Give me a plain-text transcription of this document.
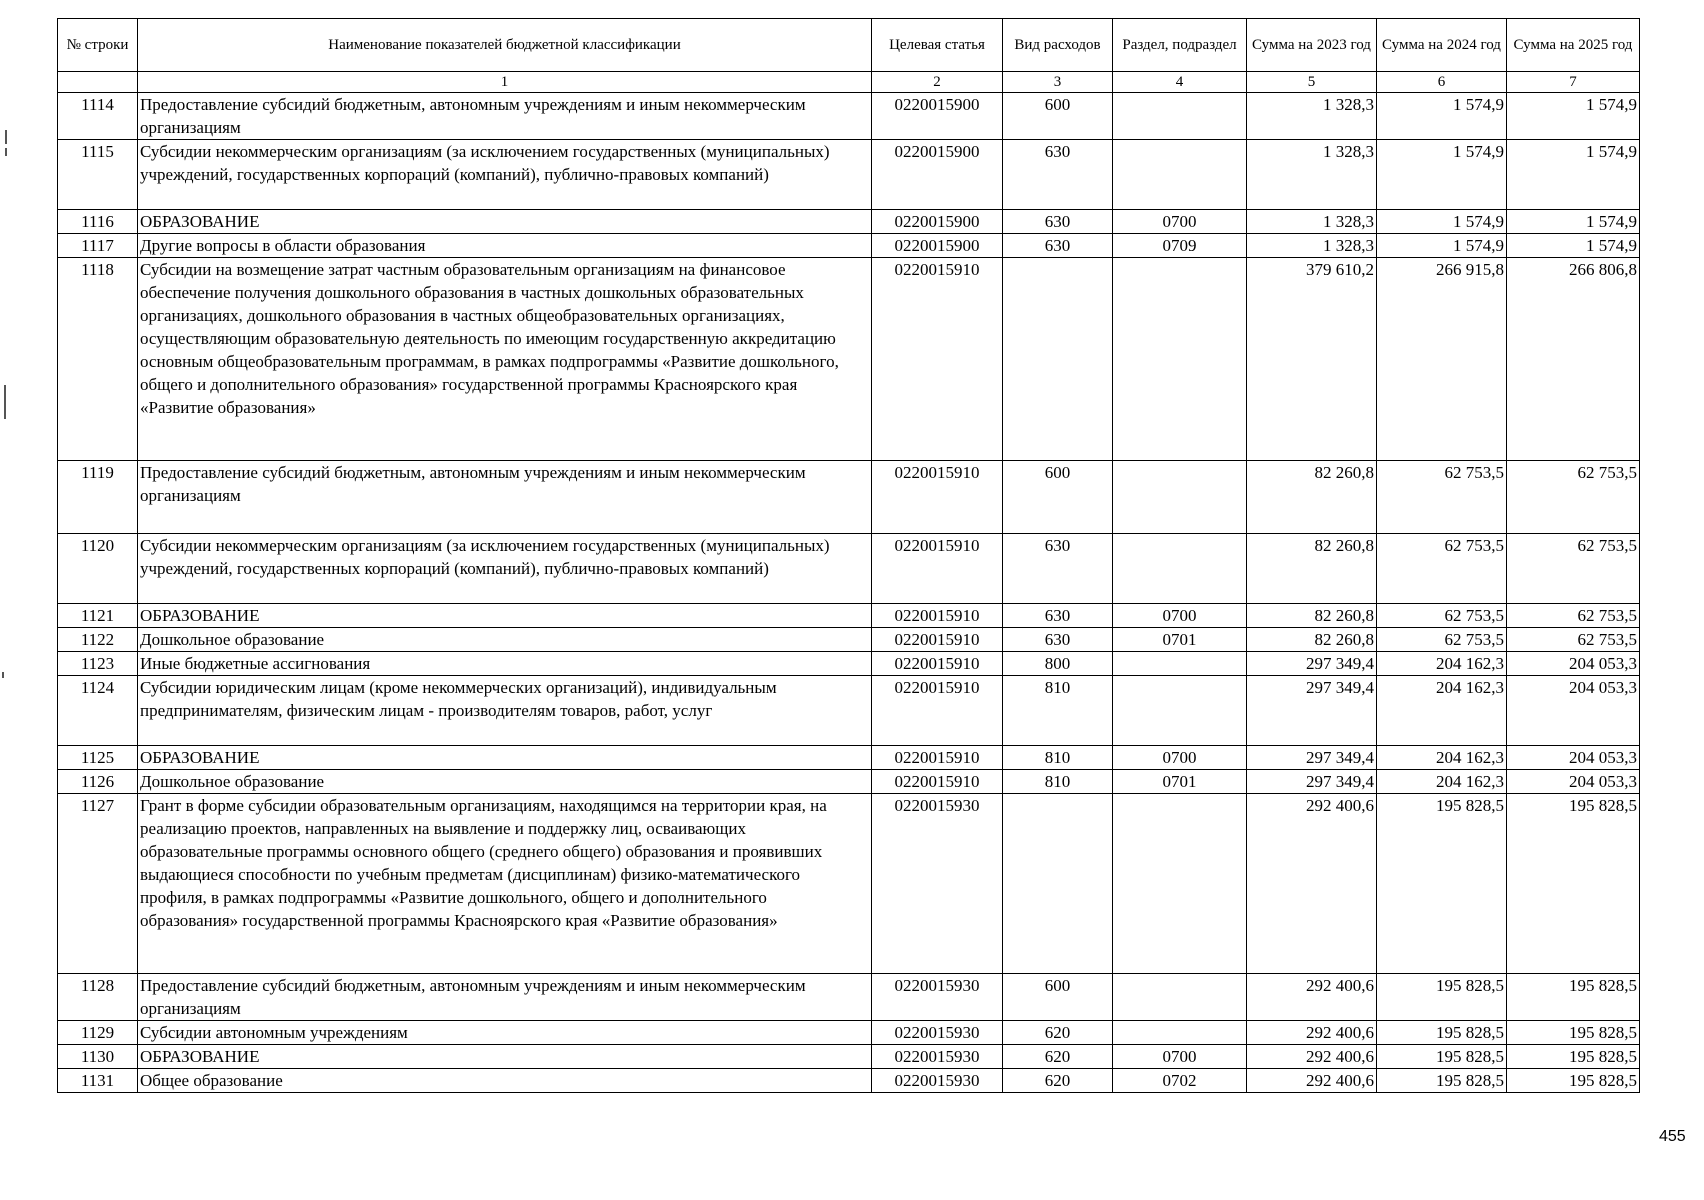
№ строки	Наименование показателей бюджетной классификации	Целевая статья	Вид расходов	Раздел, подраздел	Сумма на 2023 год	Сумма на 2024 год	Сумма на 2025 год
	1	2	3	4	5	6	7
1114	Предоставление субсидий бюджетным, автономным учреждениям и иным некоммерческим организациям	0220015900	600		1 328,3	1 574,9	1 574,9
1115	Субсидии некоммерческим организациям (за исключением государственных (муниципальных) учреждений, государственных корпораций (компаний), публично-правовых компаний)	0220015900	630		1 328,3	1 574,9	1 574,9
1116	ОБРАЗОВАНИЕ	0220015900	630	0700	1 328,3	1 574,9	1 574,9
1117	Другие вопросы в области образования	0220015900	630	0709	1 328,3	1 574,9	1 574,9
1118	Субсидии на возмещение затрат частным образовательным организациям на финансовое обеспечение получения дошкольного образования в частных дошкольных образовательных организациях, дошкольного образования в частных общеобразовательных организациях, осуществляющим образовательную деятельность по имеющим государственную аккредитацию основным общеобразовательным программам, в рамках подпрограммы «Развитие дошкольного, общего и дополнительного образования» государственной программы Красноярского края «Развитие образования»	0220015910			379 610,2	266 915,8	266 806,8
1119	Предоставление субсидий бюджетным, автономным учреждениям и иным некоммерческим организациям	0220015910	600		82 260,8	62 753,5	62 753,5
1120	Субсидии некоммерческим организациям (за исключением государственных (муниципальных) учреждений, государственных корпораций (компаний), публично-правовых компаний)	0220015910	630		82 260,8	62 753,5	62 753,5
1121	ОБРАЗОВАНИЕ	0220015910	630	0700	82 260,8	62 753,5	62 753,5
1122	Дошкольное образование	0220015910	630	0701	82 260,8	62 753,5	62 753,5
1123	Иные бюджетные ассигнования	0220015910	800		297 349,4	204 162,3	204 053,3
1124	Субсидии юридическим лицам (кроме некоммерческих организаций), индивидуальным предпринимателям, физическим лицам - производителям товаров, работ, услуг	0220015910	810		297 349,4	204 162,3	204 053,3
1125	ОБРАЗОВАНИЕ	0220015910	810	0700	297 349,4	204 162,3	204 053,3
1126	Дошкольное образование	0220015910	810	0701	297 349,4	204 162,3	204 053,3
1127	Грант в форме субсидии образовательным организациям, находящимся на территории края, на реализацию проектов, направленных на выявление и поддержку лиц, осваивающих образовательные программы основного общего (среднего общего) образования и проявивших выдающиеся способности по учебным предметам (дисциплинам) физико-математического профиля, в рамках подпрограммы «Развитие дошкольного, общего и дополнительного образования» государственной программы Красноярского края «Развитие образования»	0220015930			292 400,6	195 828,5	195 828,5
1128	Предоставление субсидий бюджетным, автономным учреждениям и иным некоммерческим организациям	0220015930	600		292 400,6	195 828,5	195 828,5
1129	Субсидии автономным учреждениям	0220015930	620		292 400,6	195 828,5	195 828,5
1130	ОБРАЗОВАНИЕ	0220015930	620	0700	292 400,6	195 828,5	195 828,5
1131	Общее образование	0220015930	620	0702	292 400,6	195 828,5	195 828,5
455
